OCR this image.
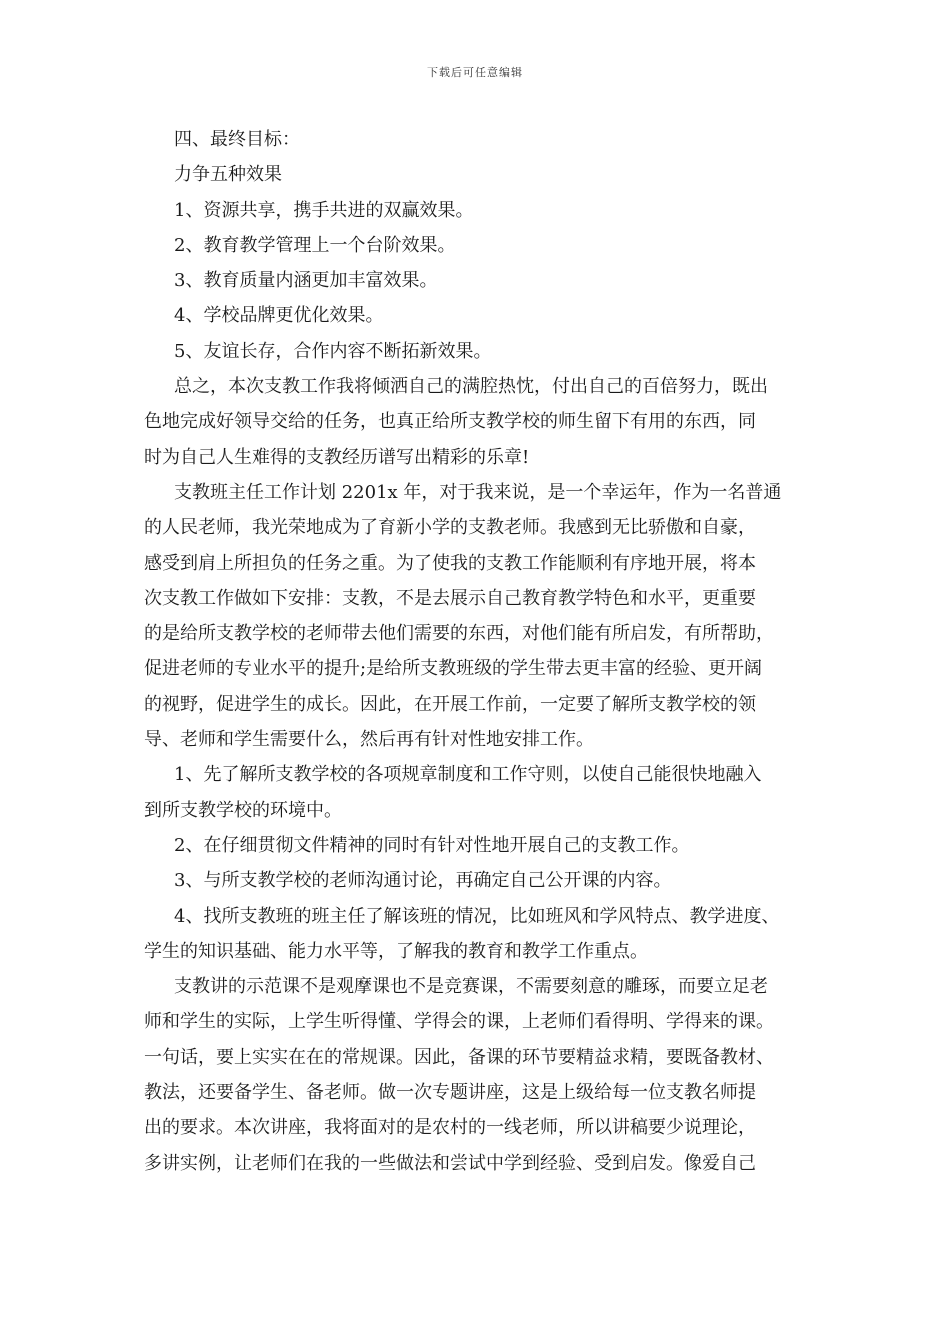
下载后可任意编辑
四、最终目标：
力争五种效果
1、资源共享，携手共进的双赢效果。
2、教育教学管理上一个台阶效果。
3、教育质量内涵更加丰富效果。
4、学校品牌更优化效果。
5、友谊长存，合作内容不断拓新效果。
总之，本次支教工作我将倾洒自己的满腔热忱，付出自己的百倍努力，既出
色地完成好领导交给的任务，也真正给所支教学校的师生留下有用的东西，同
时为自己人生难得的支教经历谱写出精彩的乐章!
支教班主任工作计划 2201x 年，对于我来说，是一个幸运年，作为一名普通
的人民老师，我光荣地成为了育新小学的支教老师。我感到无比骄傲和自豪，
感受到肩上所担负的任务之重。为了使我的支教工作能顺利有序地开展，将本
次支教工作做如下安排：支教，不是去展示自己教育教学特色和水平，更重要
的是给所支教学校的老师带去他们需要的东西，对他们能有所启发，有所帮助，
促进老师的专业水平的提升;是给所支教班级的学生带去更丰富的经验、更开阔
的视野，促进学生的成长。因此，在开展工作前，一定要了解所支教学校的领
导、老师和学生需要什么，然后再有针对性地安排工作。
1、先了解所支教学校的各项规章制度和工作守则，以使自己能很快地融入
到所支教学校的环境中。
2、在仔细贯彻文件精神的同时有针对性地开展自己的支教工作。
3、与所支教学校的老师沟通讨论，再确定自己公开课的内容。
4、找所支教班的班主任了解该班的情况，比如班风和学风特点、教学进度、
学生的知识基础、能力水平等，了解我的教育和教学工作重点。
支教讲的示范课不是观摩课也不是竞赛课，不需要刻意的雕琢，而要立足老
师和学生的实际，上学生听得懂、学得会的课，上老师们看得明、学得来的课。
一句话，要上实实在在的常规课。因此，备课的环节要精益求精，要既备教材、
教法，还要备学生、备老师。做一次专题讲座，这是上级给每一位支教名师提
出的要求。本次讲座，我将面对的是农村的一线老师，所以讲稿要少说理论，
多讲实例，让老师们在我的一些做法和尝试中学到经验、受到启发。像爱自己
